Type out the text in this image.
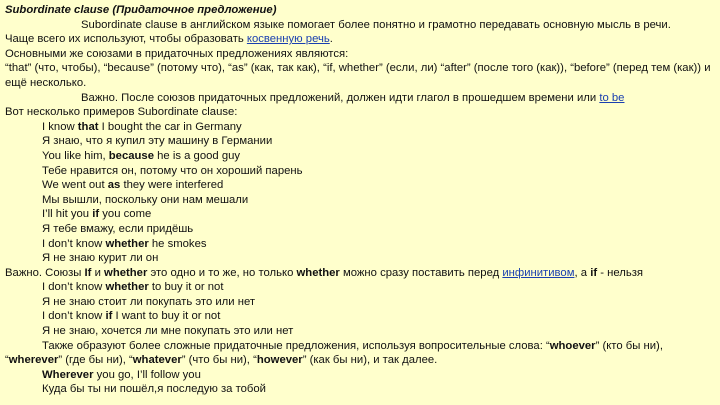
Subordinate clause (Придаточное предложение)
Subordinate clause в английском языке помогает более понятно и грамотно передавать основную мысль в речи.
Чаще всего их используют, чтобы образовать косвенную речь.
Основными же союзами в придаточных предложениях являются:
“that” (что, чтобы), “because” (потому что), “as” (как, так как), “if, whether” (если, ли) “after” (после того (как)), “before” (перед тем (как)) и ещё несколько.
Важно. После союзов придаточных предложений, должен идти глагол в прошедшем времени или to be
Вот несколько примеров Subordinate clause:
I know that I bought the car in Germany
Я знаю, что я купил эту машину в Германии
You like him, because he is a good guy
Тебе нравится он, потому что он хороший парень
We went out as they were interfered
Мы вышли, поскольку они нам мешали
I’ll hit you if you come
Я тебе вмажу, если придёшь
I don’t know whether he smokes
Я не знаю курит ли он
Важно. Союзы If и whether это одно и то же, но только whether можно сразу поставить перед инфинитивом, а if - нельзя
I don’t know whether to buy it or not
Я не знаю стоит ли покупать это или нет
I don’t know if I want to buy it or not
Я не знаю, хочется ли мне покупать это или нет
Также образуют более сложные придаточные предложения, используя вопросительные слова: “whoever” (кто бы ни), “wherever” (где бы ни), “whatever” (что бы ни), “however” (как бы ни), и так далее.
Wherever you go, I’ll follow you
Куда бы ты ни пошёл,я последую за тобой
